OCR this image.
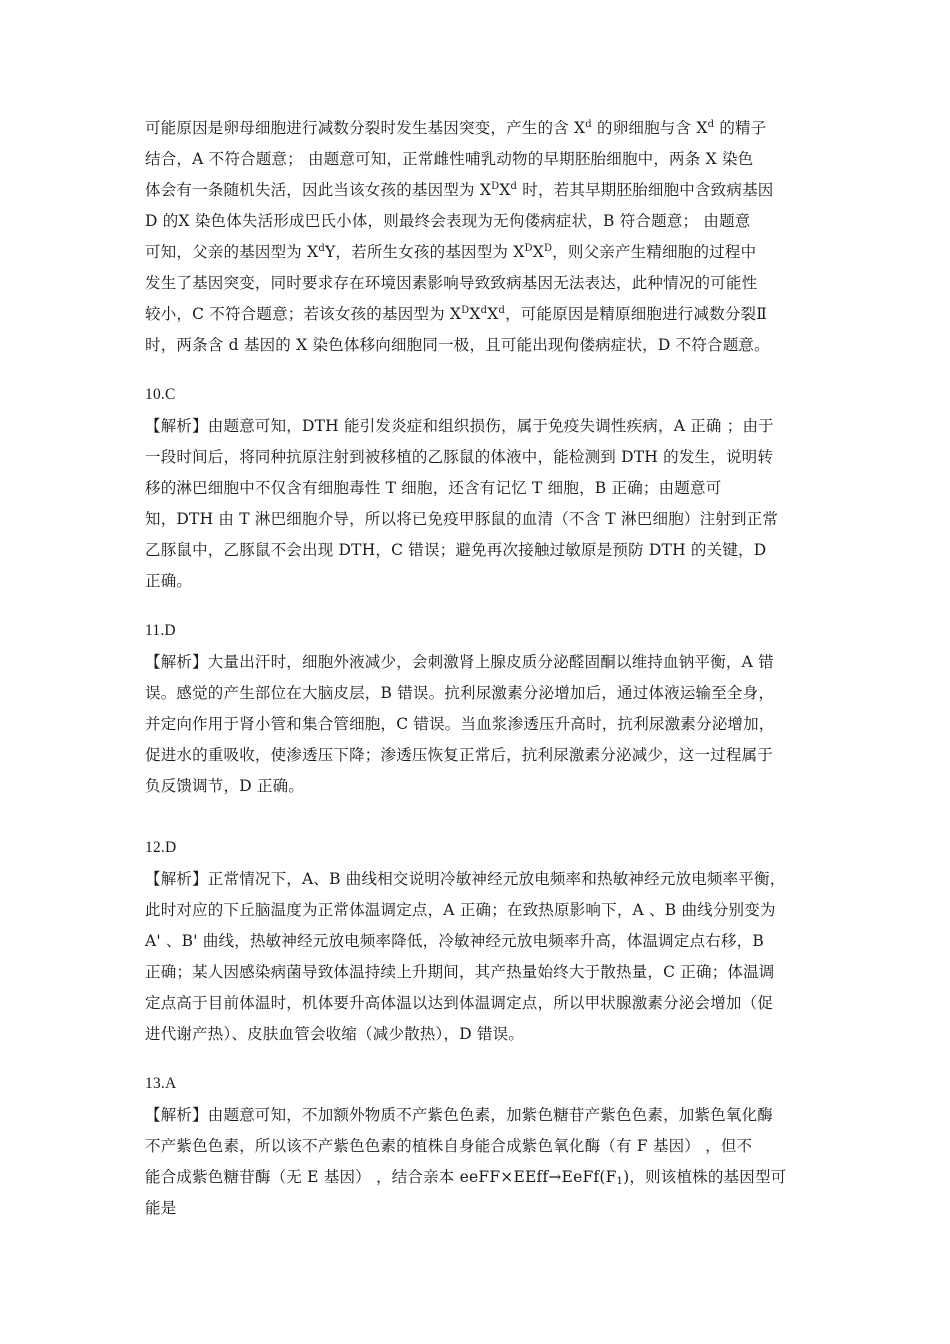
可能原因是卵母细胞进行减数分裂时发生基因突变，产生的含 $X^d$ 的卵细胞与含 $X^d$ 的精子
结合，A 不符合题意； 由题意可知，正常雌性哺乳动物的早期胚胎细胞中，两条 X 染色
体会有一条随机失活，因此当该女孩的基因型为 $X^DX^d$ 时，若其早期胚胎细胞中含致病基因
D 的X 染色体失活形成巴氏小体，则最终会表现为无佝偻病症状，B 符合题意； 由题意
可知，父亲的基因型为 $X^dY$，若所生女孩的基因型为 $X^DX^D$，则父亲产生精细胞的过程中
发生了基因突变，同时要求存在环境因素影响导致致病基因无法表达，此种情况的可能性
较小，C 不符合题意；若该女孩的基因型为 $X^DX^dX^d$，可能原因是精原细胞进行减数分裂Ⅱ
时，两条含 d 基因的 X 染色体移向细胞同一极，且可能出现佝偻病症状，D 不符合题意。
10.C
【解析】由题意可知，DTH 能引发炎症和组织损伤，属于免疫失调性疾病，A 正确 ；由于
一段时间后，将同种抗原注射到被移植的乙豚鼠的体液中，能检测到 DTH 的发生，说明转
移的淋巴细胞中不仅含有细胞毒性 T 细胞，还含有记忆 T 细胞，B 正确；由题意可
知，DTH 由 T 淋巴细胞介导，所以将已免疫甲豚鼠的血清（不含 T 淋巴细胞）注射到正常
乙豚鼠中，乙豚鼠不会出现 DTH，C 错误；避免再次接触过敏原是预防 DTH 的关键，D
正确。
11.D
【解析】大量出汗时，细胞外液减少，会刺激肾上腺皮质分泌醛固酮以维持血钠平衡，A 错
误。感觉的产生部位在大脑皮层，B 错误。抗利尿激素分泌增加后，通过体液运输至全身，
并定向作用于肾小管和集合管细胞，C 错误。当血浆渗透压升高时，抗利尿激素分泌增加，
促进水的重吸收，使渗透压下降；渗透压恢复正常后，抗利尿激素分泌减少，这一过程属于
负反馈调节，D 正确。
12.D
【解析】正常情况下，A、B 曲线相交说明冷敏神经元放电频率和热敏神经元放电频率平衡，
此时对应的下丘脑温度为正常体温调定点，A 正确；在致热原影响下，A 、B 曲线分别变为
A' 、B' 曲线，热敏神经元放电频率降低，冷敏神经元放电频率升高，体温调定点右移，B
正确；某人因感染病菌导致体温持续上升期间，其产热量始终大于散热量，C 正确；体温调
定点高于目前体温时，机体要升高体温以达到体温调定点，所以甲状腺激素分泌会增加（促
进代谢产热）、皮肤血管会收缩（减少散热），D 错误。
13.A
【解析】由题意可知，不加额外物质不产紫色色素，加紫色糖苷产紫色色素，加紫色氧化酶
不产紫色色素，所以该不产紫色色素的植株自身能合成紫色氧化酶（有 F 基因） ，但不
能合成紫色糖苷酶（无 E 基因） ，结合亲本 $eeFF\times EEff\to EeFf(F_1)$，则该植株的基因型可
能是
